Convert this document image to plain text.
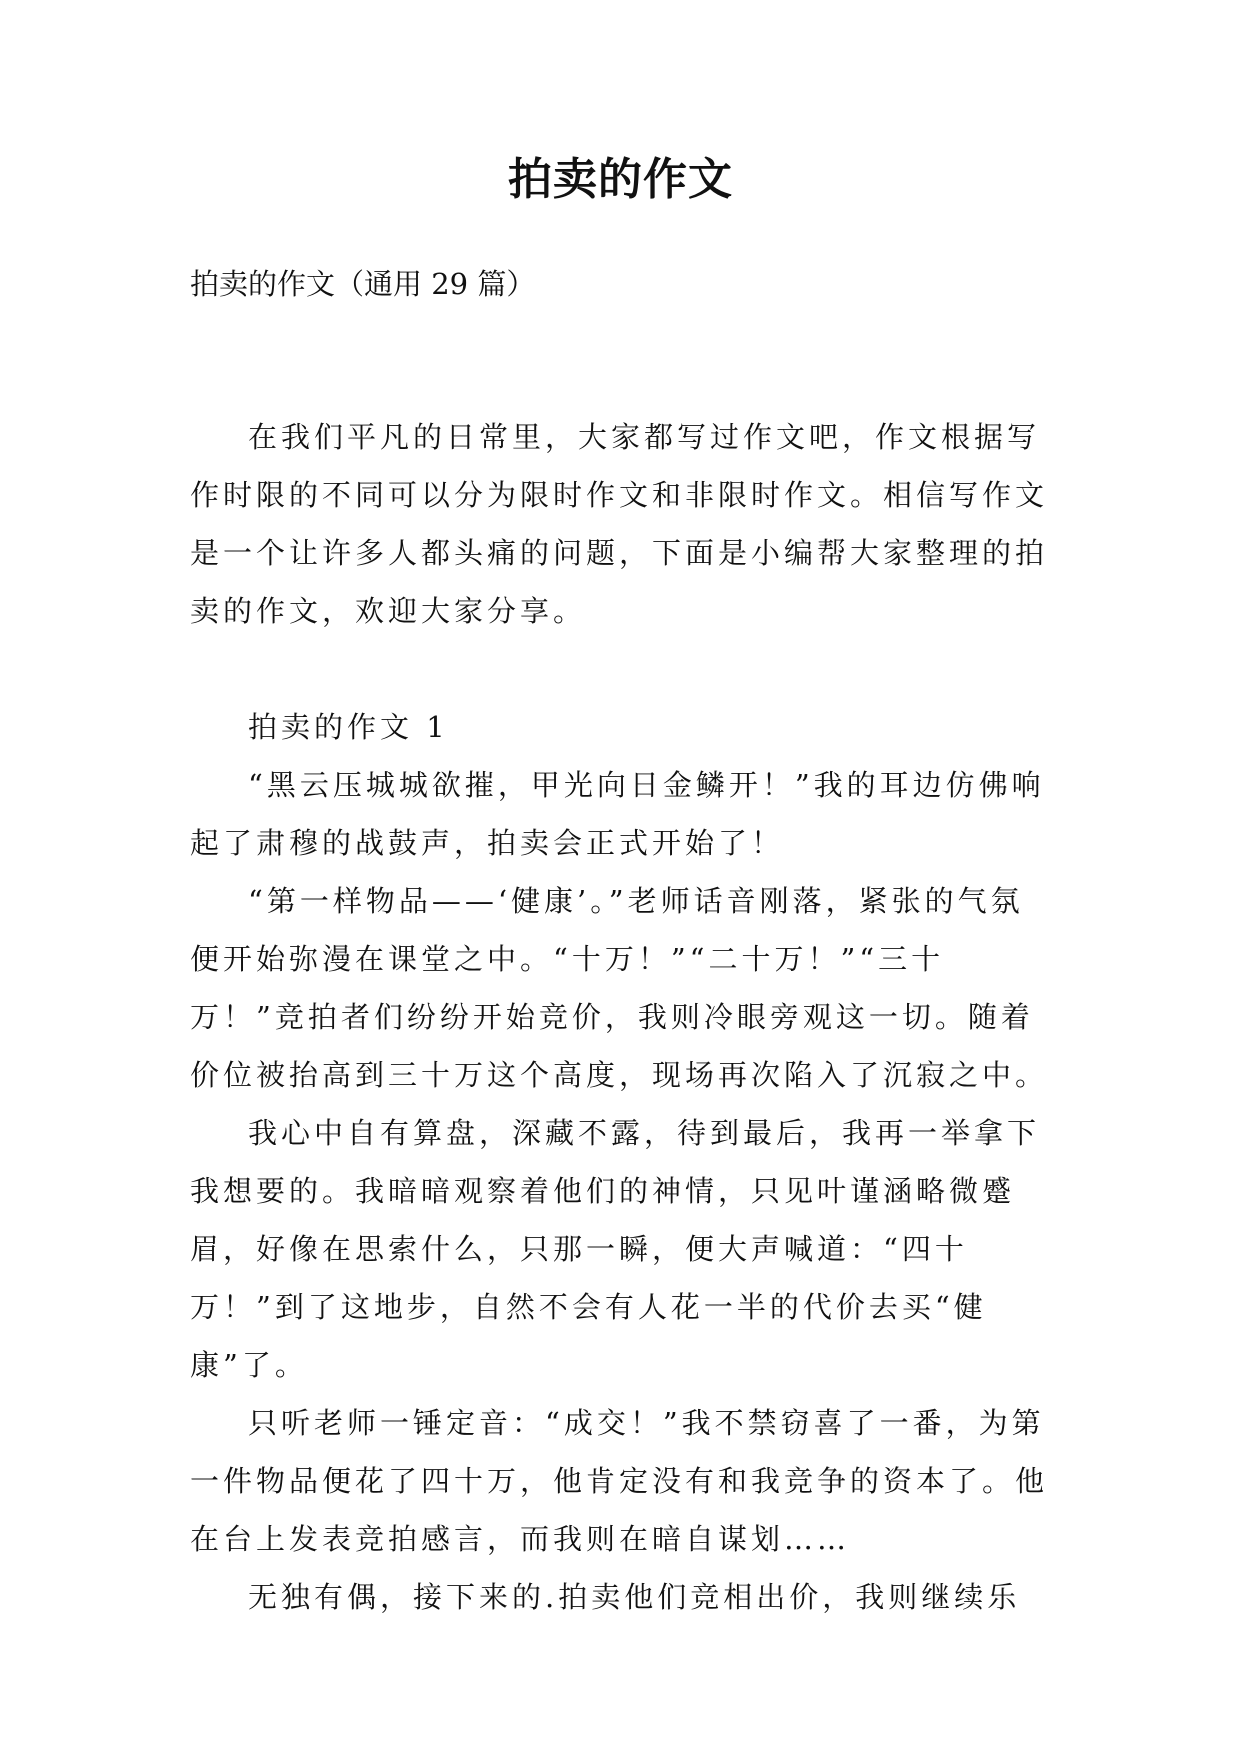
拍卖的作文

拍卖的作文（通用 29 篇）

在我们平凡的日常里，大家都写过作文吧，作文根据写作时限的不同可以分为限时作文和非限时作文。相信写作文是一个让许多人都头痛的问题，下面是小编帮大家整理的拍卖的作文，欢迎大家分享。

拍卖的作文 1

“黑云压城城欲摧，甲光向日金鳞开！”我的耳边仿佛响起了肃穆的战鼓声，拍卖会正式开始了！

“第一样物品——‘健康’。”老师话音刚落，紧张的气氛便开始弥漫在课堂之中。“十万！”“二十万！”“三十万！”竞拍者们纷纷开始竞价，我则冷眼旁观这一切。随着价位被抬高到三十万这个高度，现场再次陷入了沉寂之中。

我心中自有算盘，深藏不露，待到最后，我再一举拿下我想要的。我暗暗观察着他们的神情，只见叶谨涵略微蹙眉，好像在思索什么，只那一瞬，便大声喊道：“四十万！”到了这地步，自然不会有人花一半的代价去买“健康”了。

只听老师一锤定音：“成交！”我不禁窃喜了一番，为第一件物品便花了四十万，他肯定没有和我竞争的资本了。他在台上发表竞拍感言，而我则在暗自谋划……

无独有偶，接下来的.拍卖他们竞相出价，我则继续乐
